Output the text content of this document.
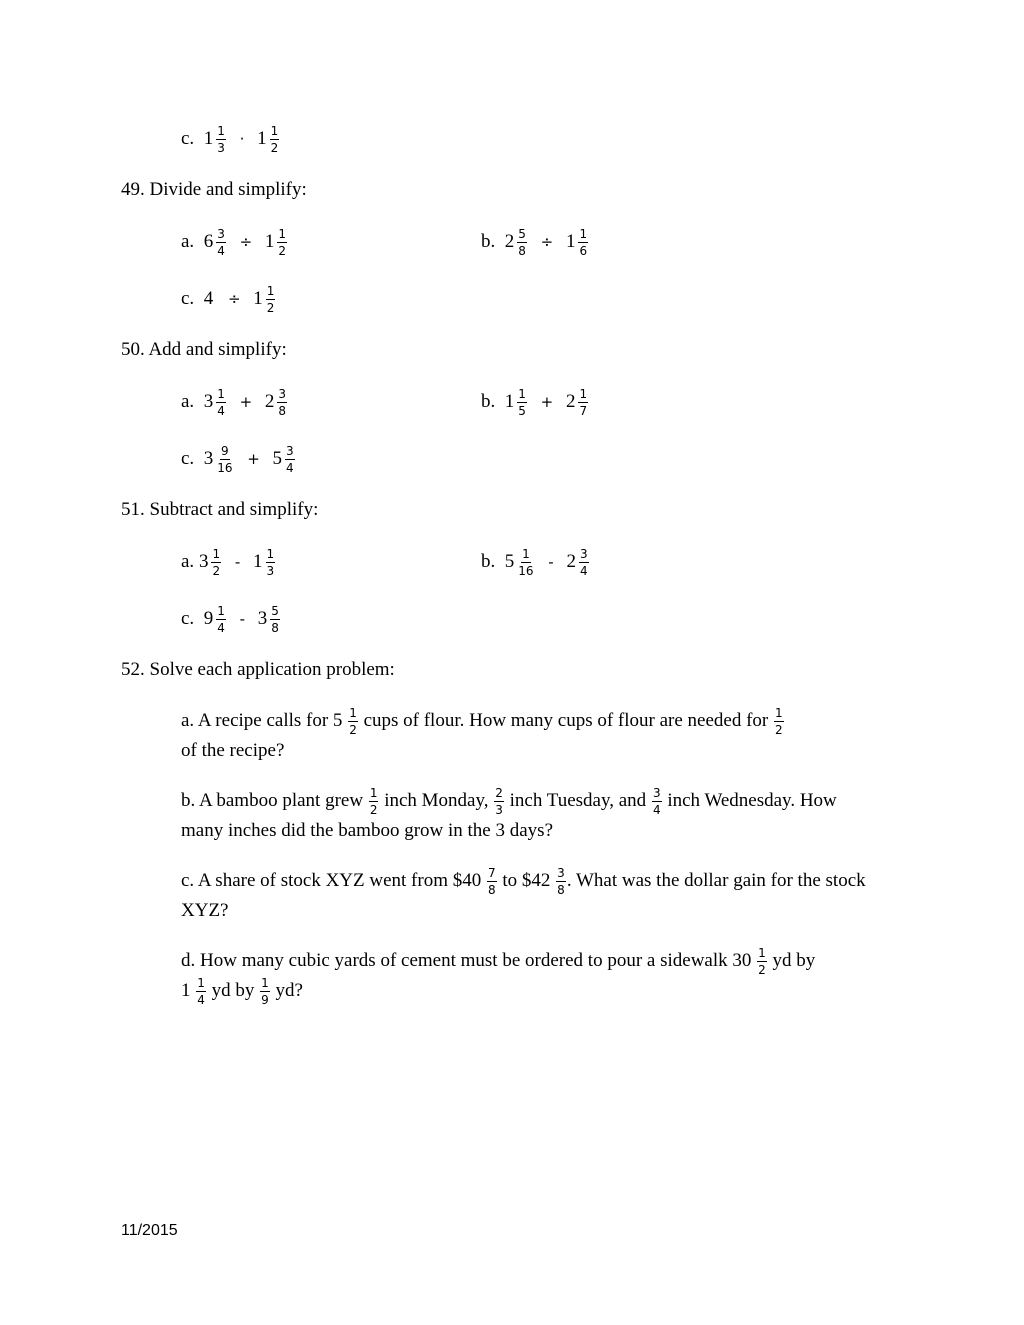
c. $1 \frac{1}{3} \cdot 1 \frac{1}{2}$
49. Divide and simplify:
a. $6 \frac{3}{4} \div 1 \frac{1}{2}$	b. $2 \frac{5}{8} \div 1 \frac{1}{6}$
c. $4 \div 1 \frac{1}{2}$
50. Add and simplify:
a. $3 \frac{1}{4} + 2 \frac{3}{8}$	b. $1 \frac{1}{5} + 2 \frac{1}{7}$
c. $3 \frac{9}{16} + 5 \frac{3}{4}$
51. Subtract and simplify:
a. $3 \frac{1}{2} - 1 \frac{1}{3}$	b. $5 \frac{1}{16} - 2 \frac{3}{4}$
c. $9 \frac{1}{4} - 3 \frac{5}{8}$
52. Solve each application problem:
a. A recipe calls for $5 \frac{1}{2}$ cups of flour. How many cups of flour are needed for $\frac{1}{2}$

of the recipe?
b. A bamboo plant grew $\frac{1}{2}$ inch Monday, $\frac{2}{3}$ inch Tuesday, and $\frac{3}{4}$ inch Wednesday. How many inches did the bamboo grow in the 3 days?
c. A share of stock XYZ went from $40 $\frac{7}{8}$ to $42 $\frac{3}{8}$ . What was the dollar gain for the stock XYZ?
d. How many cubic yards of cement must be ordered to pour a sidewalk $30 \frac{1}{2}$ yd by
$1 \frac{1}{4}$ yd by $\frac{1}{9}$ yd?
11/2015
